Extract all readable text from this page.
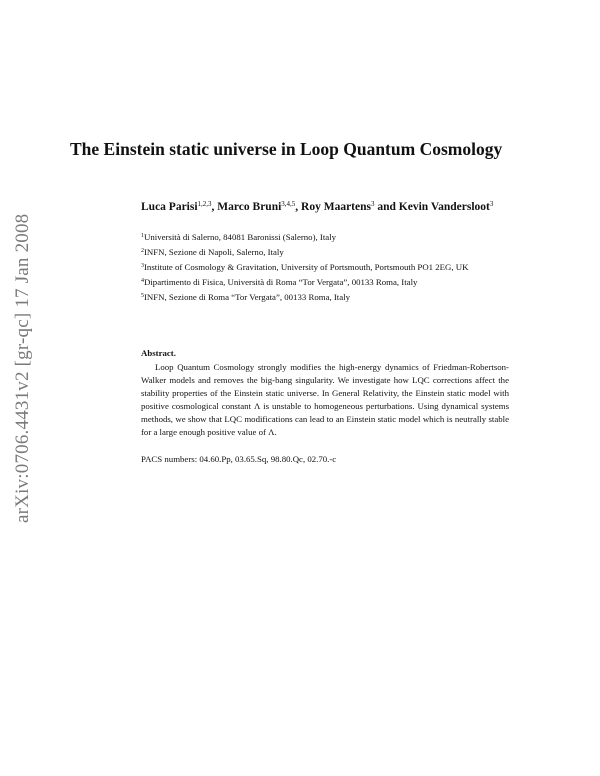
arXiv:0706.4431v2 [gr-qc] 17 Jan 2008
The Einstein static universe in Loop Quantum Cosmology
Luca Parisi$^{1,2,3}$, Marco Bruni$^{3,4,5}$, Roy Maartens$^3$ and Kevin Vandersloot$^3$
$^1$Università di Salerno, 84081 Baronissi (Salerno), Italy
$^2$INFN, Sezione di Napoli, Salerno, Italy
$^3$Institute of Cosmology & Gravitation, University of Portsmouth, Portsmouth PO1 2EG, UK
$^4$Dipartimento di Fisica, Università di Roma “Tor Vergata”, 00133 Roma, Italy
$^5$INFN, Sezione di Roma “Tor Vergata”, 00133 Roma, Italy
Abstract.

Loop Quantum Cosmology strongly modifies the high-energy dynamics of Friedman-Robertson-Walker models and removes the big-bang singularity. We investigate how LQC corrections affect the stability properties of the Einstein static universe. In General Relativity, the Einstein static model with positive cosmological constant Λ is unstable to homogeneous perturbations. Using dynamical systems methods, we show that LQC modifications can lead to an Einstein static model which is neutrally stable for a large enough positive value of Λ.

PACS numbers: 04.60.Pp, 03.65.Sq, 98.80.Qc, 02.70.-c
